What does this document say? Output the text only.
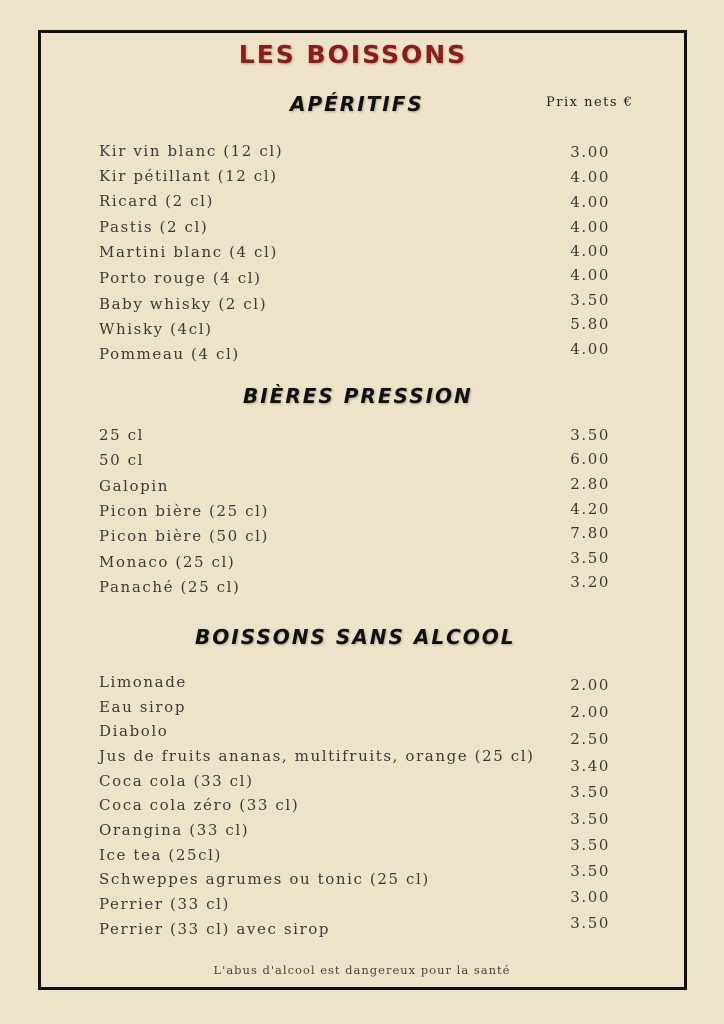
LES BOISSONS
APÉRITIFS	Prix nets €
Kir vin blanc (12 cl)
Kir pétillant (12 cl)
Ricard (2 cl)
Pastis (2 cl)
Martini blanc (4 cl)
Porto rouge (4 cl)
Baby whisky (2 cl)
Whisky (4cl)
Pommeau (4 cl)
3.00
4.00
4.00
4.00
4.00
4.00
3.50
5.80
4.00
BIÈRES PRESSION
25 cl
50 cl
Galopin
Picon bière (25 cl)
Picon bière (50 cl)
Monaco (25 cl)
Panaché (25 cl)
3.50
6.00
2.80
4.20
7.80
3.50
3.20
BOISSONS SANS ALCOOL
Limonade
Eau sirop
Diabolo
Jus de fruits ananas, multifruits, orange (25 cl)
Coca cola (33 cl)
Coca cola zéro (33 cl)
Orangina (33 cl)
Ice tea (25cl)
Schweppes agrumes ou tonic (25 cl)
Perrier (33 cl)
Perrier (33 cl) avec sirop
2.00
2.00
2.50
3.40
3.50
3.50
3.50
3.50
3.00
3.50
L'abus d'alcool est dangereux pour la santé
